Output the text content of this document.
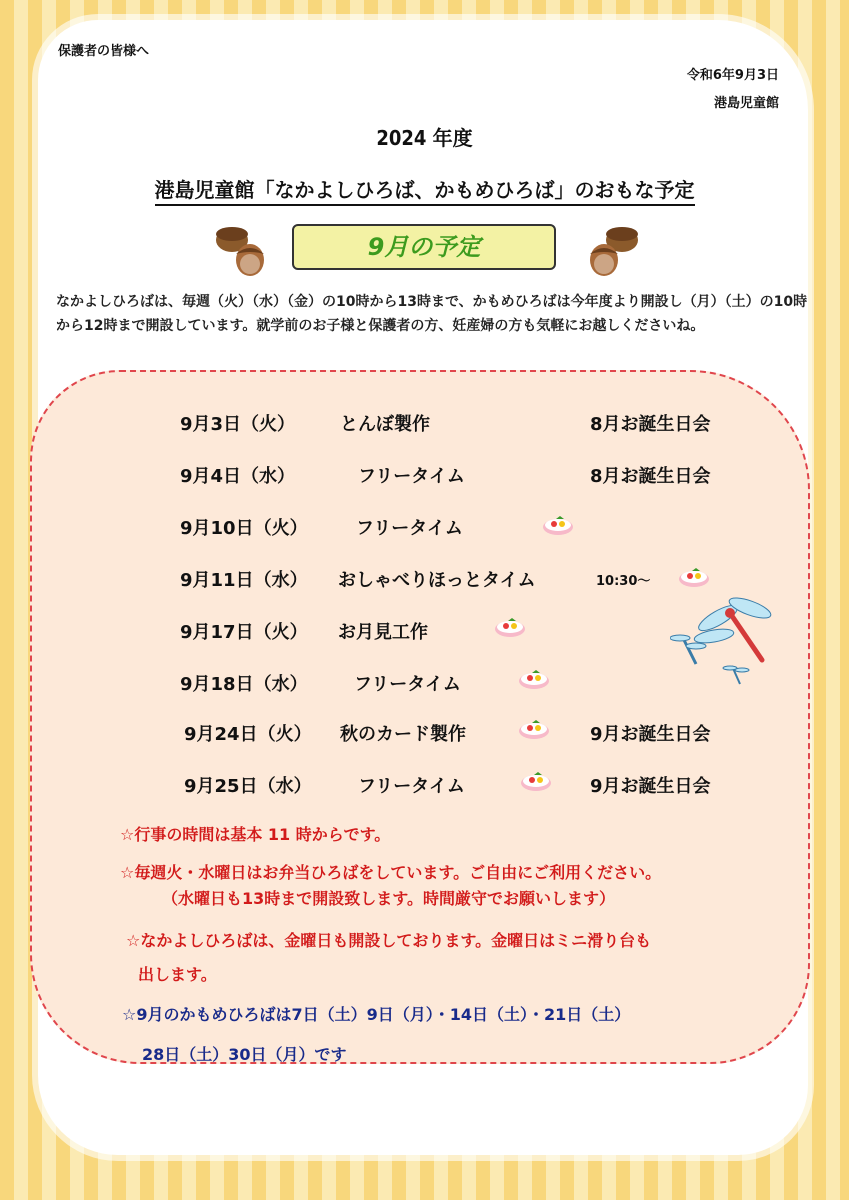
保護者の皆様へ
令和6年9月3日
港島児童館
2024 年度
港島児童館「なかよしひろば、かもめひろば」のおもな予定
9月の予定
なかよしひろばは、毎週（火）（水）（金）の10時から13時まで、かもめひろばは今年度より開設し（月）（土）の10時から12時まで開設しています。就学前のお子様と保護者の方、妊産婦の方も気軽にお越しくださいね。
9月3日（火） とんぼ製作	8月お誕生日会
9月4日（水）	フリータイム	8月お誕生日会
9月10日（火）	フリータイム
9月11日（水） おしゃべりほっとタイム	10:30～
9月17日（火） お月見工作
9月18日（水）	フリータイム
9月24日（火） 秋のカード製作	9月お誕生日会
9月25日（水）	フリータイム	9月お誕生日会
☆行事の時間は基本 11 時からです。
☆毎週火・水曜日はお弁当ひろばをしています。ご自由にご利用ください。
（水曜日も13時まで開設致します。時間厳守でお願いします）
☆なかよしひろばは、金曜日も開設しております。金曜日はミニ滑り台も
出します。
☆9月のかもめひろばは7日（土）9日（月）・14日（土）・21日（土）
28日（土）30日（月）です
